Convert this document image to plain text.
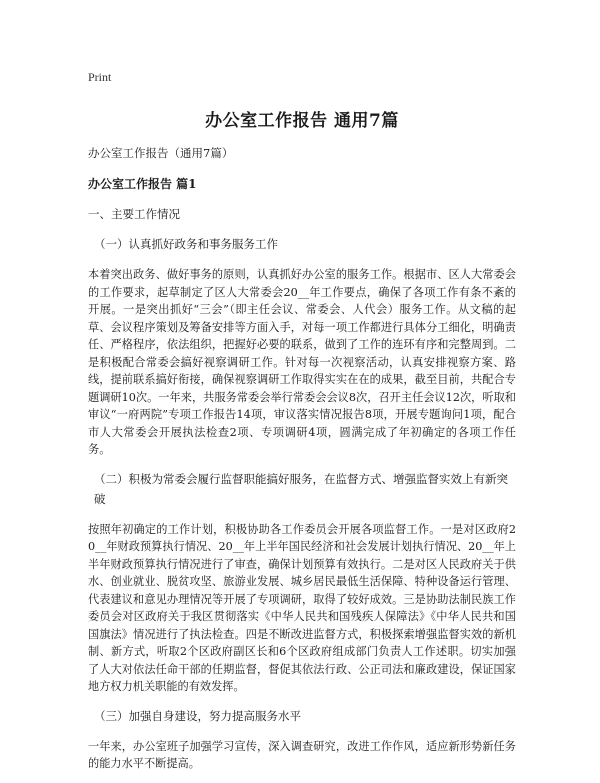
Print
办公室工作报告 通用7篇
办公室工作报告（通用7篇）
办公室工作报告 篇1
一、主要工作情况
（一）认真抓好政务和事务服务工作
本着突出政务、做好事务的原则，认真抓好办公室的服务工作。根据市、区人大常委会的工作要求，起草制定了区人大常委会20__年工作要点，确保了各项工作有条不紊的开展。一是突出抓好“三会”（即主任会议、常委会、人代会）服务工作。从文稿的起草、会议程序策划及筹备安排等方面入手，对每一项工作都进行具体分工细化，明确责任、严格程序，依法组织，把握好必要的联系，做到了工作的连环有序和完整周到。二是积极配合常委会搞好视察调研工作。针对每一次视察活动，认真安排视察方案、路线，提前联系搞好衔接，确保视察调研工作取得实实在在的成果，截至目前，共配合专题调研10次。一年来，共服务常委会举行常委会会议8次，召开主任会议12次，听取和审议“一府两院”专项工作报告14项，审议落实情况报告8项，开展专题询问1项，配合市人大常委会开展执法检查2项、专项调研4项，圆满完成了年初确定的各项工作任务。
（二）积极为常委会履行监督职能搞好服务，在监督方式、增强监督实效上有新突破
按照年初确定的工作计划，积极协助各工作委员会开展各项监督工作。一是对区政府20__年财政预算执行情况、20__年上半年国民经济和社会发展计划执行情况、20__年上半年财政预算执行情况进行了审查，确保计划预算有效执行。二是对区人民政府关于供水、创业就业、脱贫攻坚、旅游业发展、城乡居民最低生活保障、特种设备运行管理、代表建议和意见办理情况等开展了专项调研，取得了较好成效。三是协助法制民族工作委员会对区政府关于我区贯彻落实《中华人民共和国残疾人保障法》《中华人民共和国国旗法》情况进行了执法检查。四是不断改进监督方式，积极探索增强监督实效的新机制、新方式，听取2个区政府副区长和6个区政府组成部门负责人工作述职。切实加强了人大对依法任命干部的任期监督，督促其依法行政、公正司法和廉政建设，保证国家地方权力机关职能的有效发挥。
（三）加强自身建设，努力提高服务水平
一年来，办公室班子加强学习宣传，深入调查研究，改进工作作风，适应新形势新任务的能力水平不断提高。
